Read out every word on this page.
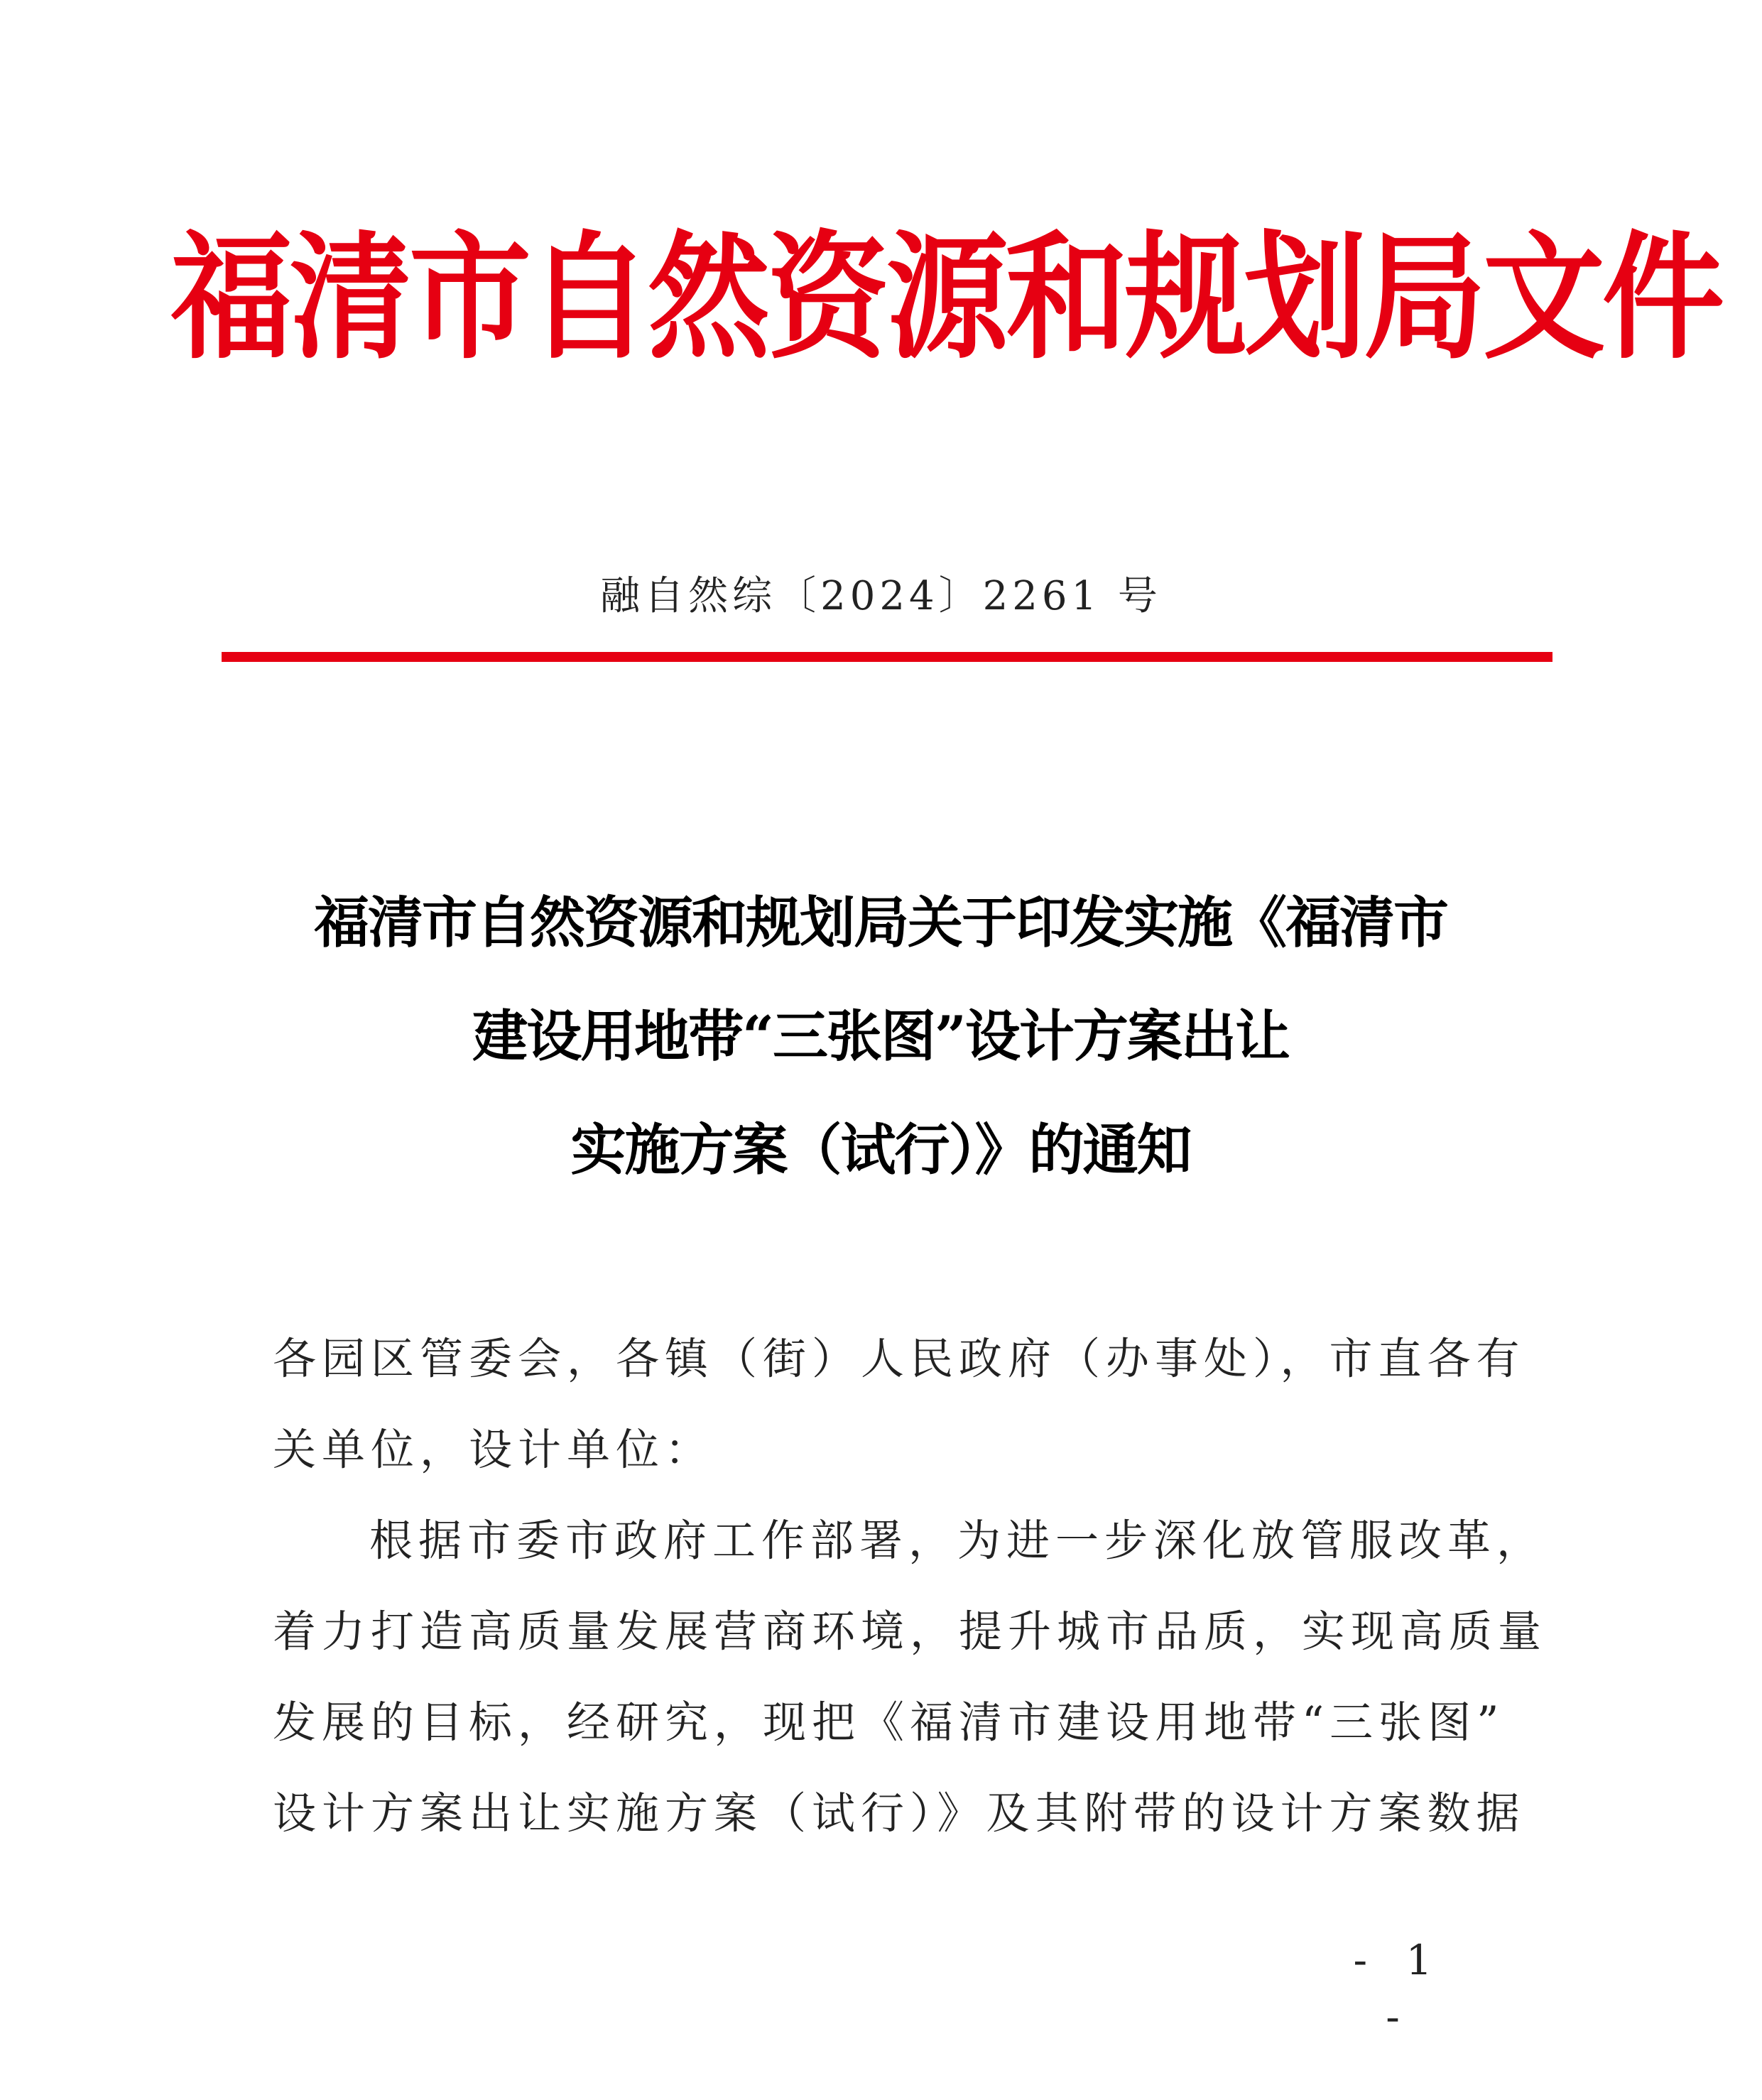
福清市自然资源和规划局文件
融自然综〔2024〕2261 号
福清市自然资源和规划局关于印发实施《福清市
建设用地带“三张图”设计方案出让
实施方案（试行）》的通知
各园区管委会，各镇（街）人民政府（办事处），市直各有
关单位，设计单位：
根据市委市政府工作部署，为进一步深化放管服改革，
着力打造高质量发展营商环境，提升城市品质，实现高质量
发展的目标，经研究，现把《福清市建设用地带“三张图”
设计方案出让实施方案（试行）》及其附带的设计方案数据
- 1 -
